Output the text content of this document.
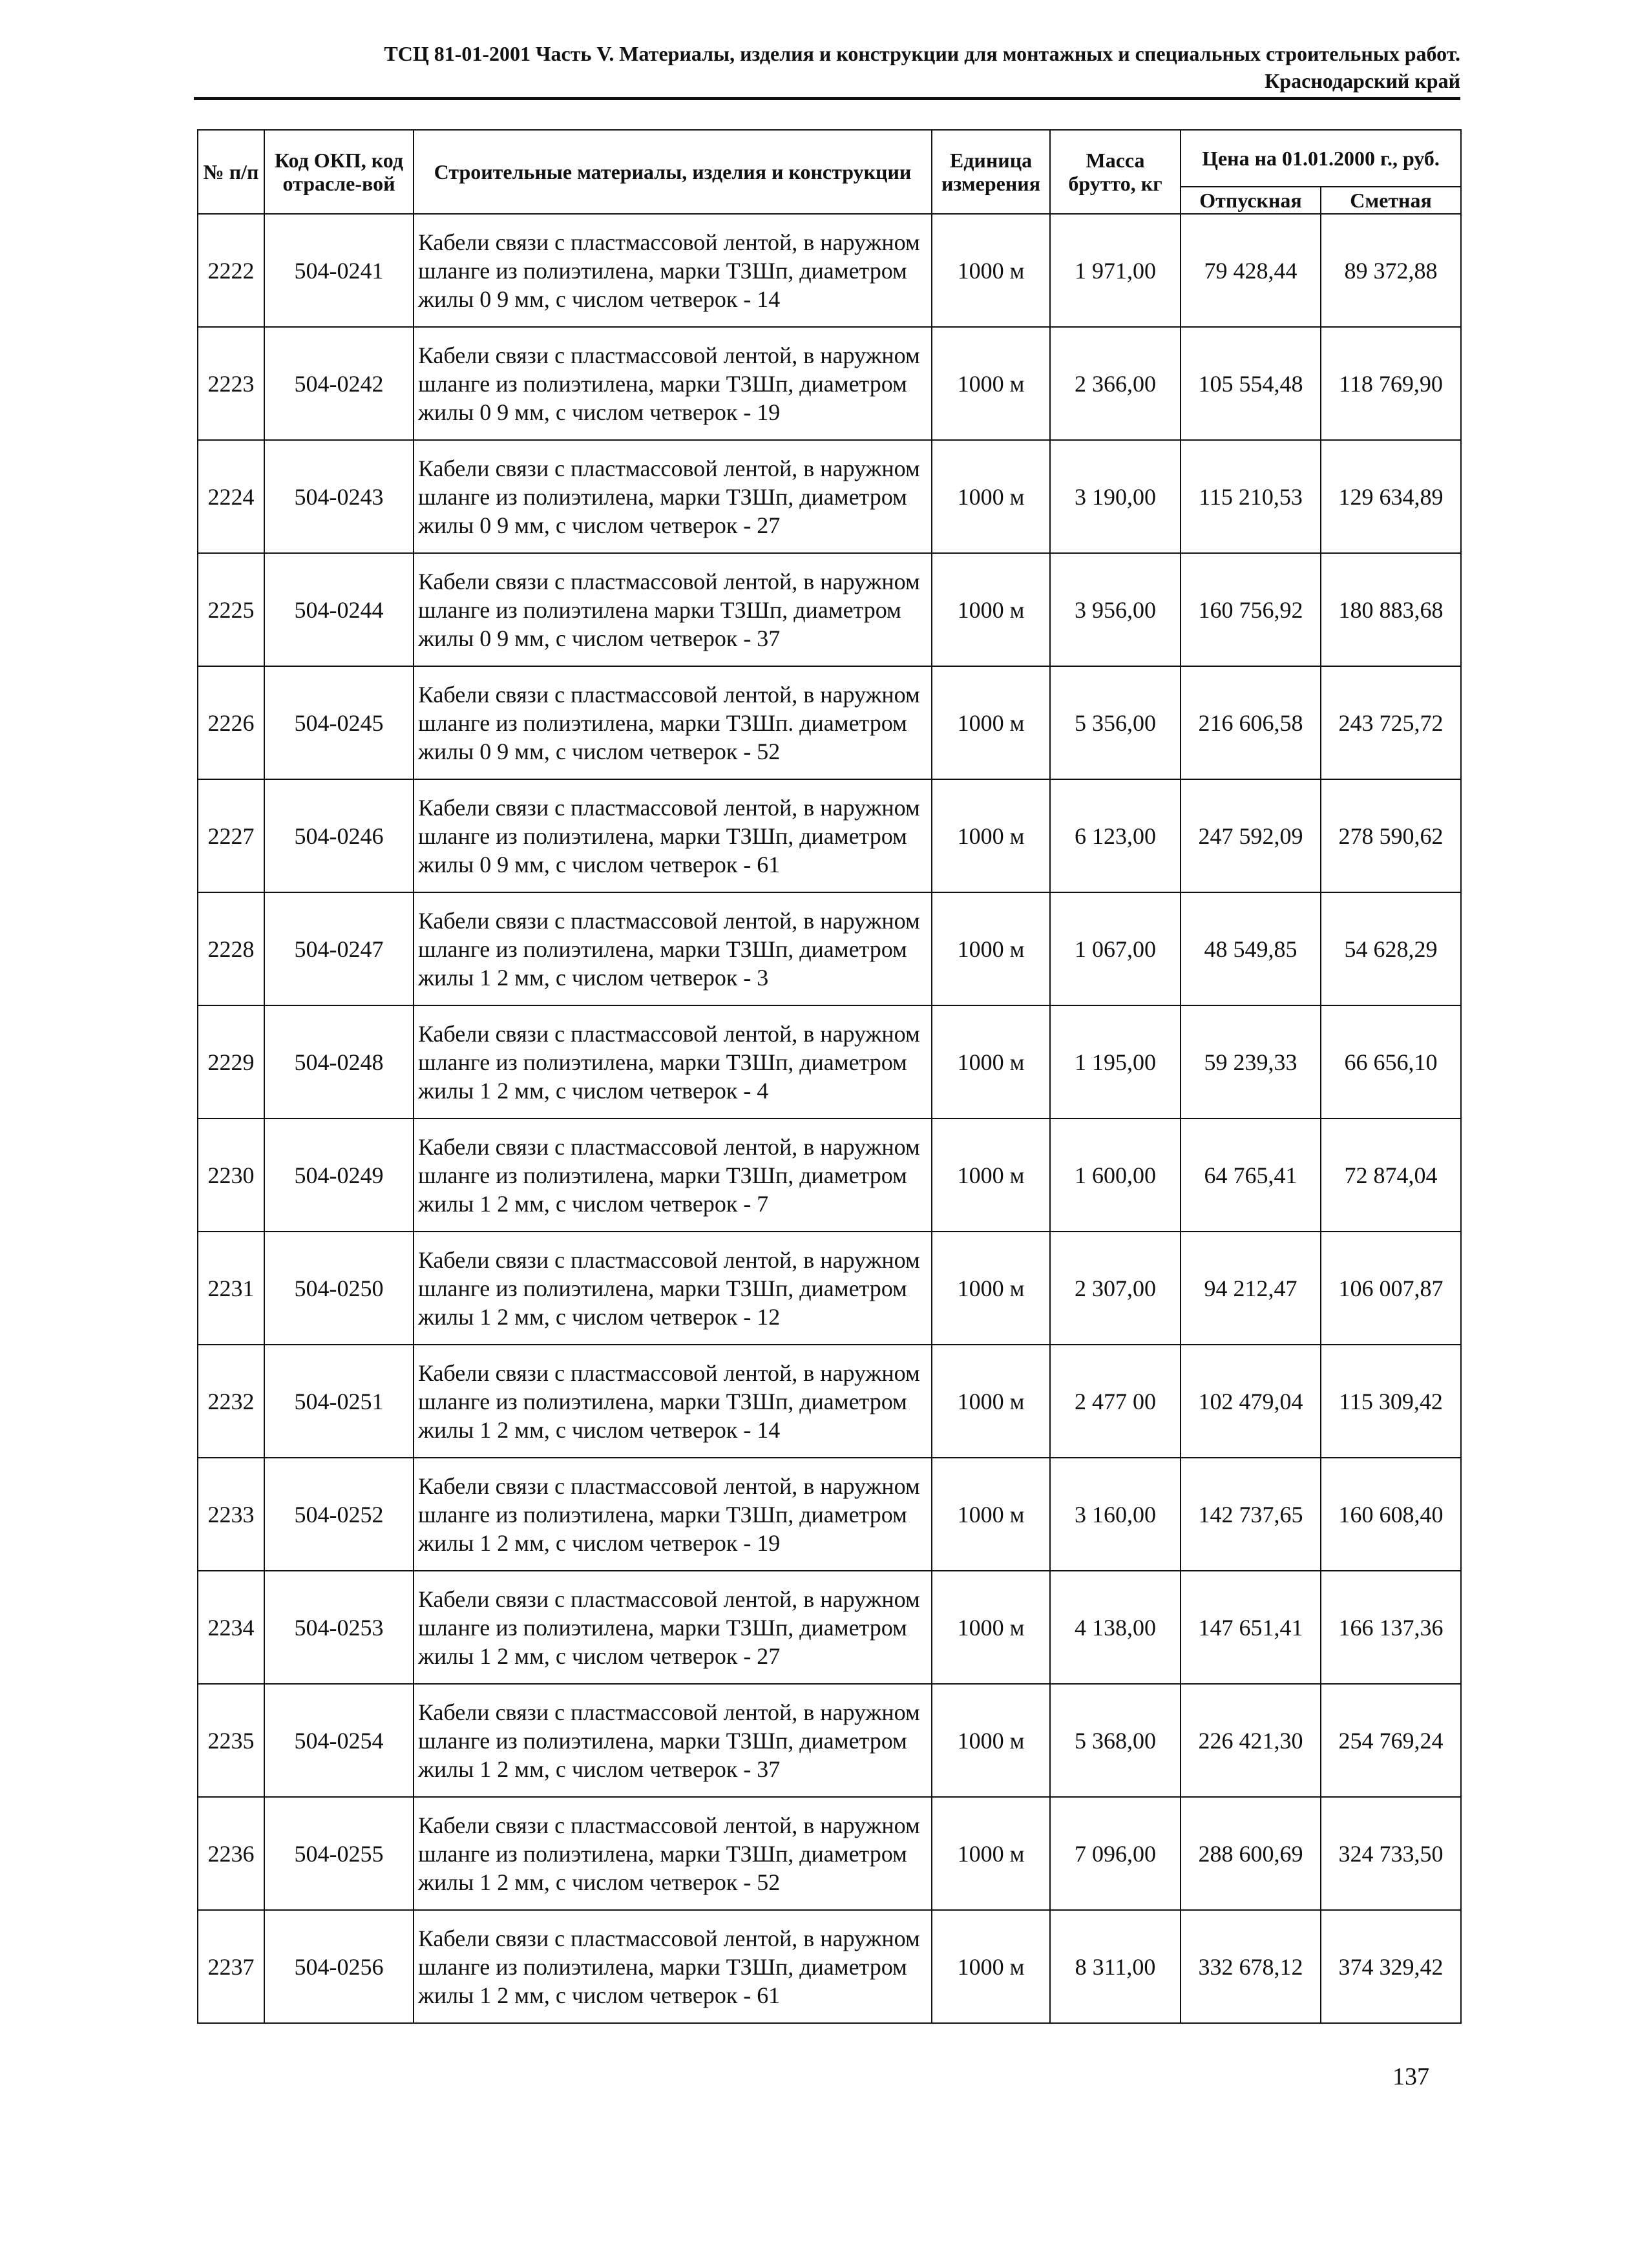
ТСЦ 81-01-2001 Часть V. Материалы, изделия и конструкции для монтажных и специальных строительных работ.
Краснодарский край
№ п/п	Код ОКП, код отрасле-вой	Строительные материалы, изделия и конструкции	Единица измерения	Масса брутто, кг	Цена на 01.01.2000 г., руб.	
					Отпускная	Сметная
2222	504-0241	Кабели связи с пластмассовой лентой, в наружном шланге из полиэтилена, марки ТЗШп, диаметром жилы 0 9 мм, с числом четверок - 14	1000 м	1 971,00	79 428,44	89 372,88
2223	504-0242	Кабели связи с пластмассовой лентой, в наружном шланге из полиэтилена, марки ТЗШп, диаметром жилы 0 9 мм, с числом четверок - 19	1000 м	2 366,00	105 554,48	118 769,90
2224	504-0243	Кабели связи с пластмассовой лентой, в наружном шланге из полиэтилена, марки ТЗШп, диаметром жилы 0 9 мм, с числом четверок - 27	1000 м	3 190,00	115 210,53	129 634,89
2225	504-0244	Кабели связи с пластмассовой лентой, в наружном шланге из полиэтилена марки ТЗШп, диаметром жилы 0 9 мм, с числом четверок - 37	1000 м	3 956,00	160 756,92	180 883,68
2226	504-0245	Кабели связи с пластмассовой лентой, в наружном шланге из полиэтилена, марки ТЗШп. диаметром жилы 0 9 мм, с числом четверок - 52	1000 м	5 356,00	216 606,58	243 725,72
2227	504-0246	Кабели связи с пластмассовой лентой, в наружном шланге из полиэтилена, марки ТЗШп, диаметром жилы 0 9 мм, с числом четверок - 61	1000 м	6 123,00	247 592,09	278 590,62
2228	504-0247	Кабели связи с пластмассовой лентой, в наружном шланге из полиэтилена, марки ТЗШп, диаметром жилы 1 2 мм, с числом четверок - 3	1000 м	1 067,00	48 549,85	54 628,29
2229	504-0248	Кабели связи с пластмассовой лентой, в наружном шланге из полиэтилена, марки ТЗШп, диаметром жилы 1 2 мм, с числом четверок - 4	1000 м	1 195,00	59 239,33	66 656,10
2230	504-0249	Кабели связи с пластмассовой лентой, в наружном шланге из полиэтилена, марки ТЗШп, диаметром жилы 1 2 мм, с числом четверок - 7	1000 м	1 600,00	64 765,41	72 874,04
2231	504-0250	Кабели связи с пластмассовой лентой, в наружном шланге из полиэтилена, марки ТЗШп, диаметром жилы 1 2 мм, с числом четверок - 12	1000 м	2 307,00	94 212,47	106 007,87
2232	504-0251	Кабели связи с пластмассовой лентой, в наружном шланге из полиэтилена, марки ТЗШп, диаметром жилы 1 2 мм, с числом четверок - 14	1000 м	2 477 00	102 479,04	115 309,42
2233	504-0252	Кабели связи с пластмассовой лентой, в наружном шланге из полиэтилена, марки ТЗШп, диаметром жилы 1 2 мм, с числом четверок - 19	1000 м	3 160,00	142 737,65	160 608,40
2234	504-0253	Кабели связи с пластмассовой лентой, в наружном шланге из полиэтилена, марки ТЗШп, диаметром жилы 1 2 мм, с числом четверок - 27	1000 м	4 138,00	147 651,41	166 137,36
2235	504-0254	Кабели связи с пластмассовой лентой, в наружном шланге из полиэтилена, марки ТЗШп, диаметром жилы 1 2 мм, с числом четверок - 37	1000 м	5 368,00	226 421,30	254 769,24
2236	504-0255	Кабели связи с пластмассовой лентой, в наружном шланге из полиэтилена, марки ТЗШп, диаметром жилы 1 2 мм, с числом четверок - 52	1000 м	7 096,00	288 600,69	324 733,50
2237	504-0256	Кабели связи с пластмассовой лентой, в наружном шланге из полиэтилена, марки ТЗШп, диаметром жилы 1 2 мм, с числом четверок - 61	1000 м	8 311,00	332 678,12	374 329,42
137
